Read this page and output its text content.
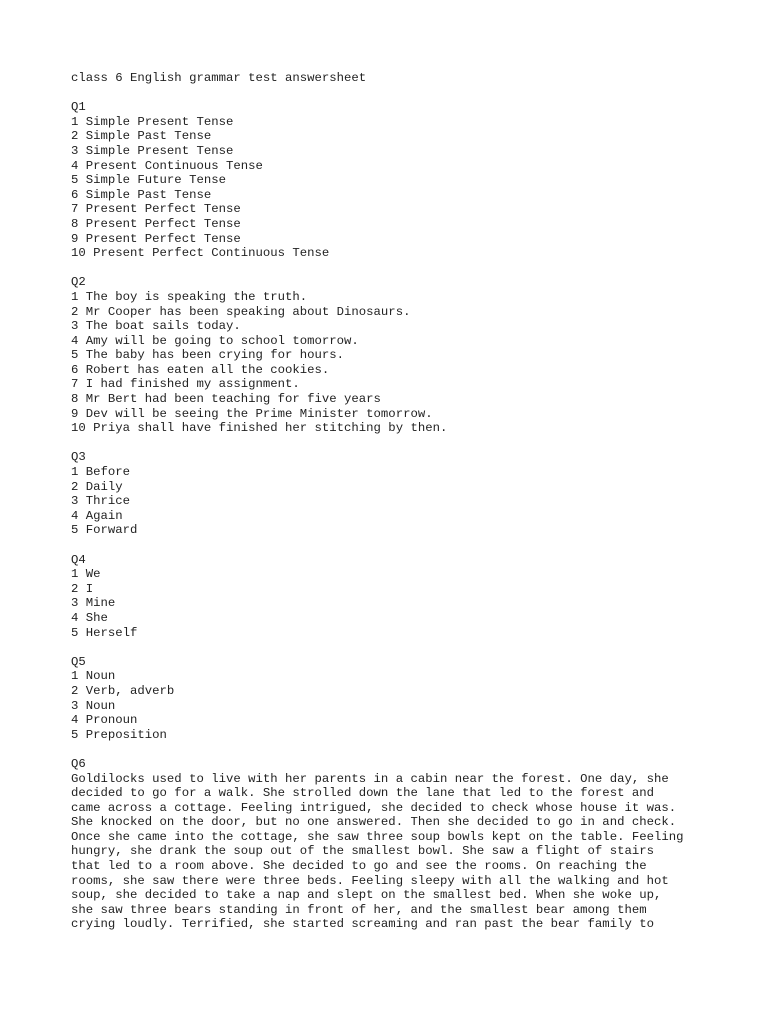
class 6 English grammar test answersheet
Q1
1 Simple Present Tense
2 Simple Past Tense
3 Simple Present Tense
4 Present Continuous Tense
5 Simple Future Tense
6 Simple Past Tense
7 Present Perfect Tense
8 Present Perfect Tense
9 Present Perfect Tense
10 Present Perfect Continuous Tense
Q2
1 The boy is speaking the truth.
2 Mr Cooper has been speaking about Dinosaurs.
3 The boat sails today.
4 Amy will be going to school tomorrow.
5 The baby has been crying for hours.
6 Robert has eaten all the cookies.
7 I had finished my assignment.
8 Mr Bert had been teaching for five years
9 Dev will be seeing the Prime Minister tomorrow.
10 Priya shall have finished her stitching by then.
Q3
1 Before
2 Daily
3 Thrice
4 Again
5 Forward
Q4
1 We
2 I
3 Mine
4 She
5 Herself
Q5
1 Noun
2 Verb, adverb
3 Noun
4 Pronoun
5 Preposition
Q6
Goldilocks used to live with her parents in a cabin near the forest. One day, she
decided to go for a walk. She strolled down the lane that led to the forest and
came across a cottage. Feeling intrigued, she decided to check whose house it was.
She knocked on the door, but no one answered. Then she decided to go in and check.
Once she came into the cottage, she saw three soup bowls kept on the table. Feeling
hungry, she drank the soup out of the smallest bowl. She saw a flight of stairs
that led to a room above. She decided to go and see the rooms. On reaching the
rooms, she saw there were three beds. Feeling sleepy with all the walking and hot
soup, she decided to take a nap and slept on the smallest bed. When she woke up,
she saw three bears standing in front of her, and the smallest bear among them
crying loudly. Terrified, she started screaming and ran past the bear family to
